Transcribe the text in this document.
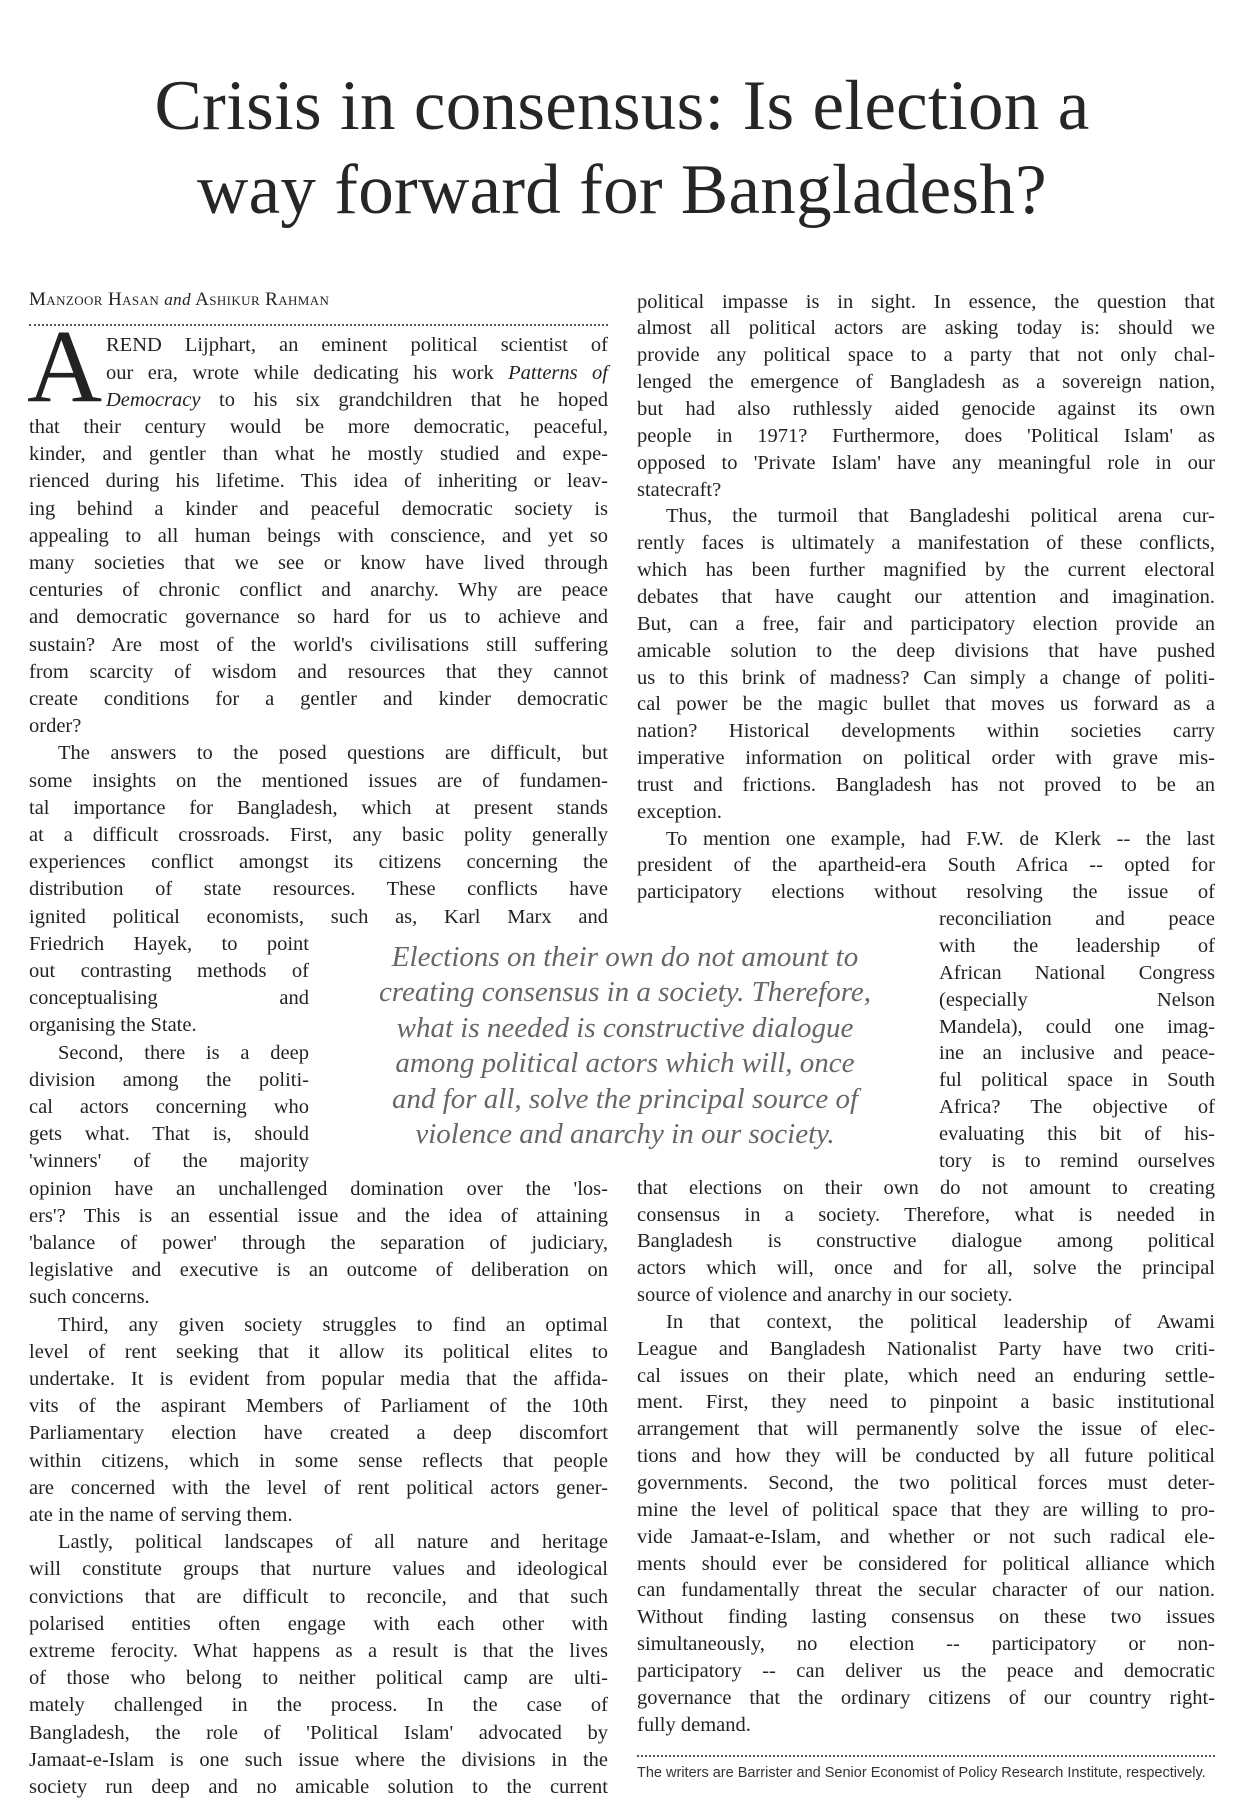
Crisis in consensus: Is election a
way forward for Bangladesh?
Manzoor Hasan and Ashikur Rahman
A REND Lijphart, an eminent political scientist of
our era, wrote while dedicating his work Patterns of
Democracy to his six grandchildren that he hoped
that their century would be more democratic, peaceful,
kinder, and gentler than what he mostly studied and expe-
rienced during his lifetime. This idea of inheriting or leav-
ing behind a kinder and peaceful democratic society is
appealing to all human beings with conscience, and yet so
many societies that we see or know have lived through
centuries of chronic conflict and anarchy. Why are peace
and democratic governance so hard for us to achieve and
sustain? Are most of the world's civilisations still suffering
from scarcity of wisdom and resources that they cannot
create conditions for a gentler and kinder democratic
order?
The answers to the posed questions are difficult, but
some insights on the mentioned issues are of fundamen-
tal importance for Bangladesh, which at present stands
at a difficult crossroads. First, any basic polity generally
experiences conflict amongst its citizens concerning the
distribution of state resources. These conflicts have
ignited political economists, such as, Karl Marx and
Friedrich Hayek, to point
out contrasting methods of
conceptualising and
organising the State.
Second, there is a deep
division among the politi-
cal actors concerning who
gets what. That is, should
'winners' of the majority
opinion have an unchallenged domination over the 'los-
ers'? This is an essential issue and the idea of attaining
'balance of power' through the separation of judiciary,
legislative and executive is an outcome of deliberation on
such concerns.
Third, any given society struggles to find an optimal
level of rent seeking that it allow its political elites to
undertake. It is evident from popular media that the affida-
vits of the aspirant Members of Parliament of the 10th
Parliamentary election have created a deep discomfort
within citizens, which in some sense reflects that people
are concerned with the level of rent political actors gener-
ate in the name of serving them.
Lastly, political landscapes of all nature and heritage
will constitute groups that nurture values and ideological
convictions that are difficult to reconcile, and that such
polarised entities often engage with each other with
extreme ferocity. What happens as a result is that the lives
of those who belong to neither political camp are ulti-
mately challenged in the process. In the case of
Bangladesh, the role of 'Political Islam' advocated by
Jamaat-e-Islam is one such issue where the divisions in the
society run deep and no amicable solution to the current
political impasse is in sight. In essence, the question that
almost all political actors are asking today is: should we
provide any political space to a party that not only chal-
lenged the emergence of Bangladesh as a sovereign nation,
but had also ruthlessly aided genocide against its own
people in 1971? Furthermore, does 'Political Islam' as
opposed to 'Private Islam' have any meaningful role in our
statecraft?
Thus, the turmoil that Bangladeshi political arena cur-
rently faces is ultimately a manifestation of these conflicts,
which has been further magnified by the current electoral
debates that have caught our attention and imagination.
But, can a free, fair and participatory election provide an
amicable solution to the deep divisions that have pushed
us to this brink of madness? Can simply a change of politi-
cal power be the magic bullet that moves us forward as a
nation? Historical developments within societies carry
imperative information on political order with grave mis-
trust and frictions. Bangladesh has not proved to be an
exception.
To mention one example, had F.W. de Klerk -- the last
president of the apartheid-era South Africa -- opted for
participatory elections without resolving the issue of
reconciliation and peace
with the leadership of
African National Congress
(especially Nelson
Mandela), could one imag-
ine an inclusive and peace-
ful political space in South
Africa? The objective of
evaluating this bit of his-
tory is to remind ourselves
that elections on their own do not amount to creating
consensus in a society. Therefore, what is needed in
Bangladesh is constructive dialogue among political
actors which will, once and for all, solve the principal
source of violence and anarchy in our society.
In that context, the political leadership of Awami
League and Bangladesh Nationalist Party have two criti-
cal issues on their plate, which need an enduring settle-
ment. First, they need to pinpoint a basic institutional
arrangement that will permanently solve the issue of elec-
tions and how they will be conducted by all future political
governments. Second, the two political forces must deter-
mine the level of political space that they are willing to pro-
vide Jamaat-e-Islam, and whether or not such radical ele-
ments should ever be considered for political alliance which
can fundamentally threat the secular character of our nation.
Without finding lasting consensus on these two issues
simultaneously, no election -- participatory or non-
participatory -- can deliver us the peace and democratic
governance that the ordinary citizens of our country right-
fully demand.
Elections on their own do not amount to
creating consensus in a society. Therefore,
what is needed is constructive dialogue
among political actors which will, once
and for all, solve the principal source of
violence and anarchy in our society.
The writers are Barrister and Senior Economist of Policy Research Institute, respectively.
